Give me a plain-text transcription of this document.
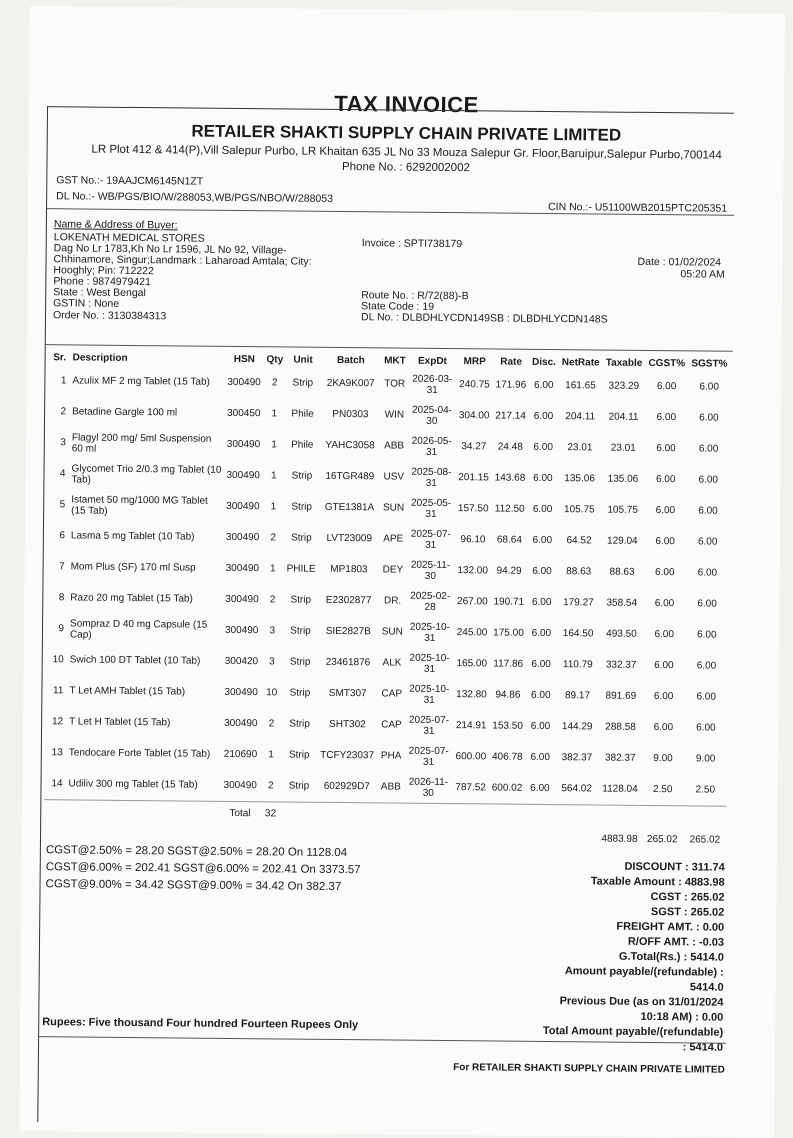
TAX INVOICE
RETAILER SHAKTI SUPPLY CHAIN PRIVATE LIMITED
LR Plot 412 & 414(P),Vill Salepur Purbo, LR Khaitan 635 JL No 33 Mouza Salepur Gr. Floor,Baruipur,Salepur Purbo,700144
Phone No. : 6292002002
GST No.:- 19AAJCM6145N1ZT
DL No.:- WB/PGS/BIO/W/288053,WB/PGS/NBO/W/288053
CIN No.:- U51100WB2015PTC205351
Name & Address of Buyer:
LOKENATH MEDICAL STORES
Dag No Lr 1783,Kh No Lr 1596, JL No 92, Village-
Chhinamore, Singur;Landmark : Laharoad Amtala; City:
Hooghly; Pin: 712222
Phone : 9874979421
State : West Bengal
GSTIN : None
Order No. : 3130384313
Invoice : SPTI738179
Date : 01/02/2024
05:20 AM
Route No. : R/72(88)-B
State Code : 19
DL No. : DLBDHLYCDN149SB : DLBDHLYCDN148S
Sr.	Description	HSN	Qty	Unit	Batch	MKT	ExpDt	MRP	Rate	Disc.	NetRate	Taxable	CGST%	SGST%
1	Azulix MF 2 mg Tablet (15 Tab)	300490	2	Strip	2KA9K007	TOR	2026-03-31	240.75	171.96	6.00	161.65	323.29	6.00	6.00
2	Betadine Gargle 100 ml	300450	1	Phile	PN0303	WIN	2025-04-30	304.00	217.14	6.00	204.11	204.11	6.00	6.00
3	Flagyl 200 mg/ 5ml Suspension 60 ml	300490	1	Phile	YAHC3058	ABB	2026-05-31	34.27	24.48	6.00	23.01	23.01	6.00	6.00
4	Glycomet Trio 2/0.3 mg Tablet (10 Tab)	300490	1	Strip	16TGR489	USV	2025-08-31	201.15	143.68	6.00	135.06	135.06	6.00	6.00
5	Istamet 50 mg/1000 MG Tablet (15 Tab)	300490	1	Strip	GTE1381A	SUN	2025-05-31	157.50	112.50	6.00	105.75	105.75	6.00	6.00
6	Lasma 5 mg Tablet (10 Tab)	300490	2	Strip	LVT23009	APE	2025-07-31	96.10	68.64	6.00	64.52	129.04	6.00	6.00
7	Mom Plus (SF) 170 ml Susp	300490	1	PHILE	MP1803	DEY	2025-11-30	132.00	94.29	6.00	88.63	88.63	6.00	6.00
8	Razo 20 mg Tablet (15 Tab)	300490	2	Strip	E2302877	DR.	2025-02-28	267.00	190.71	6.00	179.27	358.54	6.00	6.00
9	Sompraz D 40 mg Capsule (15 Cap)	300490	3	Strip	SIE2827B	SUN	2025-10-31	245.00	175.00	6.00	164.50	493.50	6.00	6.00
10	Swich 100 DT Tablet (10 Tab)	300420	3	Strip	23461876	ALK	2025-10-31	165.00	117.86	6.00	110.79	332.37	6.00	6.00
11	T Let AMH Tablet (15 Tab)	300490	10	Strip	SMT307	CAP	2025-10-31	132.80	94.86	6.00	89.17	891.69	6.00	6.00
12	T Let H Tablet (15 Tab)	300490	2	Strip	SHT302	CAP	2025-07-31	214.91	153.50	6.00	144.29	288.58	6.00	6.00
13	Tendocare Forte Tablet (15 Tab)	210690	1	Strip	TCFY23037	PHA	2025-07-31	600.00	406.78	6.00	382.37	382.37	9.00	9.00
14	Udiliv 300 mg Tablet (15 Tab)	300490	2	Strip	602929D7	ABB	2026-11-30	787.52	600.02	6.00	564.02	1128.04	2.50	2.50
		Total	32											
												4883.98	265.02	265.02
CGST@2.50% = 28.20 SGST@2.50% = 28.20 On 1128.04
CGST@6.00% = 202.41 SGST@6.00% = 202.41 On 3373.57
CGST@9.00% = 34.42 SGST@9.00% = 34.42 On 382.37
DISCOUNT : 311.74
Taxable Amount : 4883.98
CGST : 265.02
SGST : 265.02
FREIGHT AMT. : 0.00
R/OFF AMT. : -0.03
G.Total(Rs.) : 5414.0
Amount payable/(refundable) :
5414.0
Previous Due (as on 31/01/2024
10:18 AM) : 0.00
Total Amount payable/(refundable)
: 5414.0
Rupees: Five thousand Four hundred Fourteen Rupees Only
For RETAILER SHAKTI SUPPLY CHAIN PRIVATE LIMITED
